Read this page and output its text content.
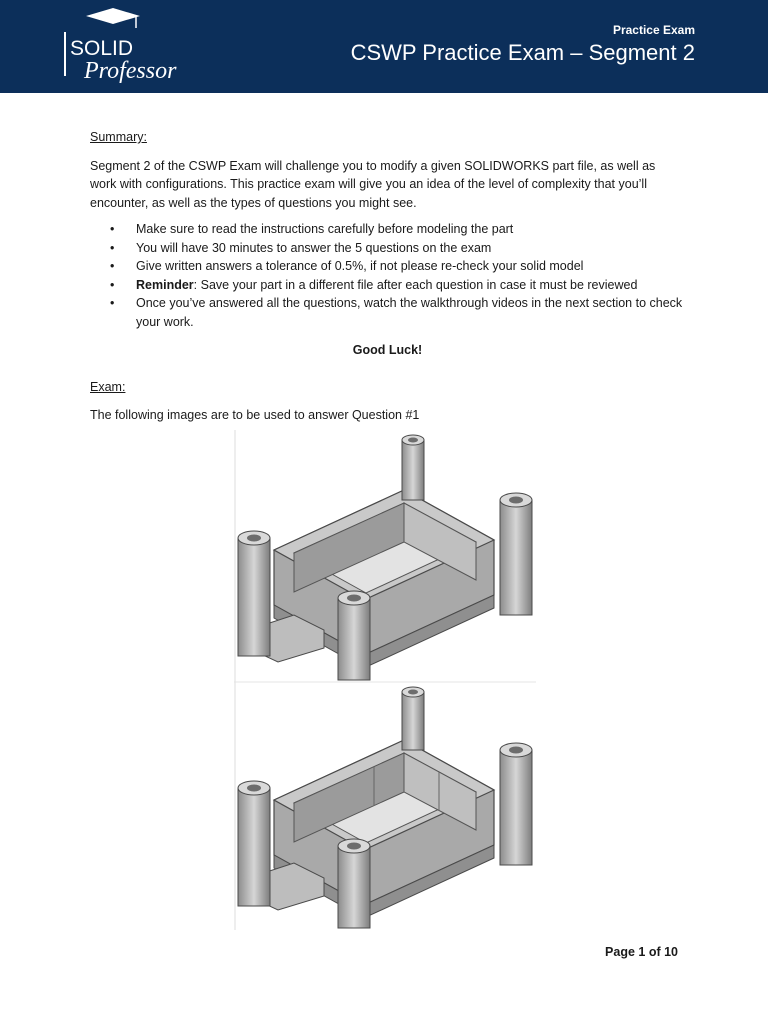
SOLID
Professor
Practice Exam
CSWP Practice Exam – Segment 2

Summary:

Segment 2 of the CSWP Exam will challenge you to modify a given SOLIDWORKS part file, as well as work with configurations. This practice exam will give you an idea of the level of complexity that you’ll encounter, as well as the types of questions you might see.

• Make sure to read the instructions carefully before modeling the part
• You will have 30 minutes to answer the 5 questions on the exam
• Give written answers a tolerance of 0.5%, if not please re-check your solid model
• Reminder: Save your part in a different file after each question in case it must be reviewed
• Once you’ve answered all the questions, watch the walkthrough videos in the next section to check your work.
Good Luck!

Exam:

The following images are to be used to answer Question #1

Page 1 of 10
